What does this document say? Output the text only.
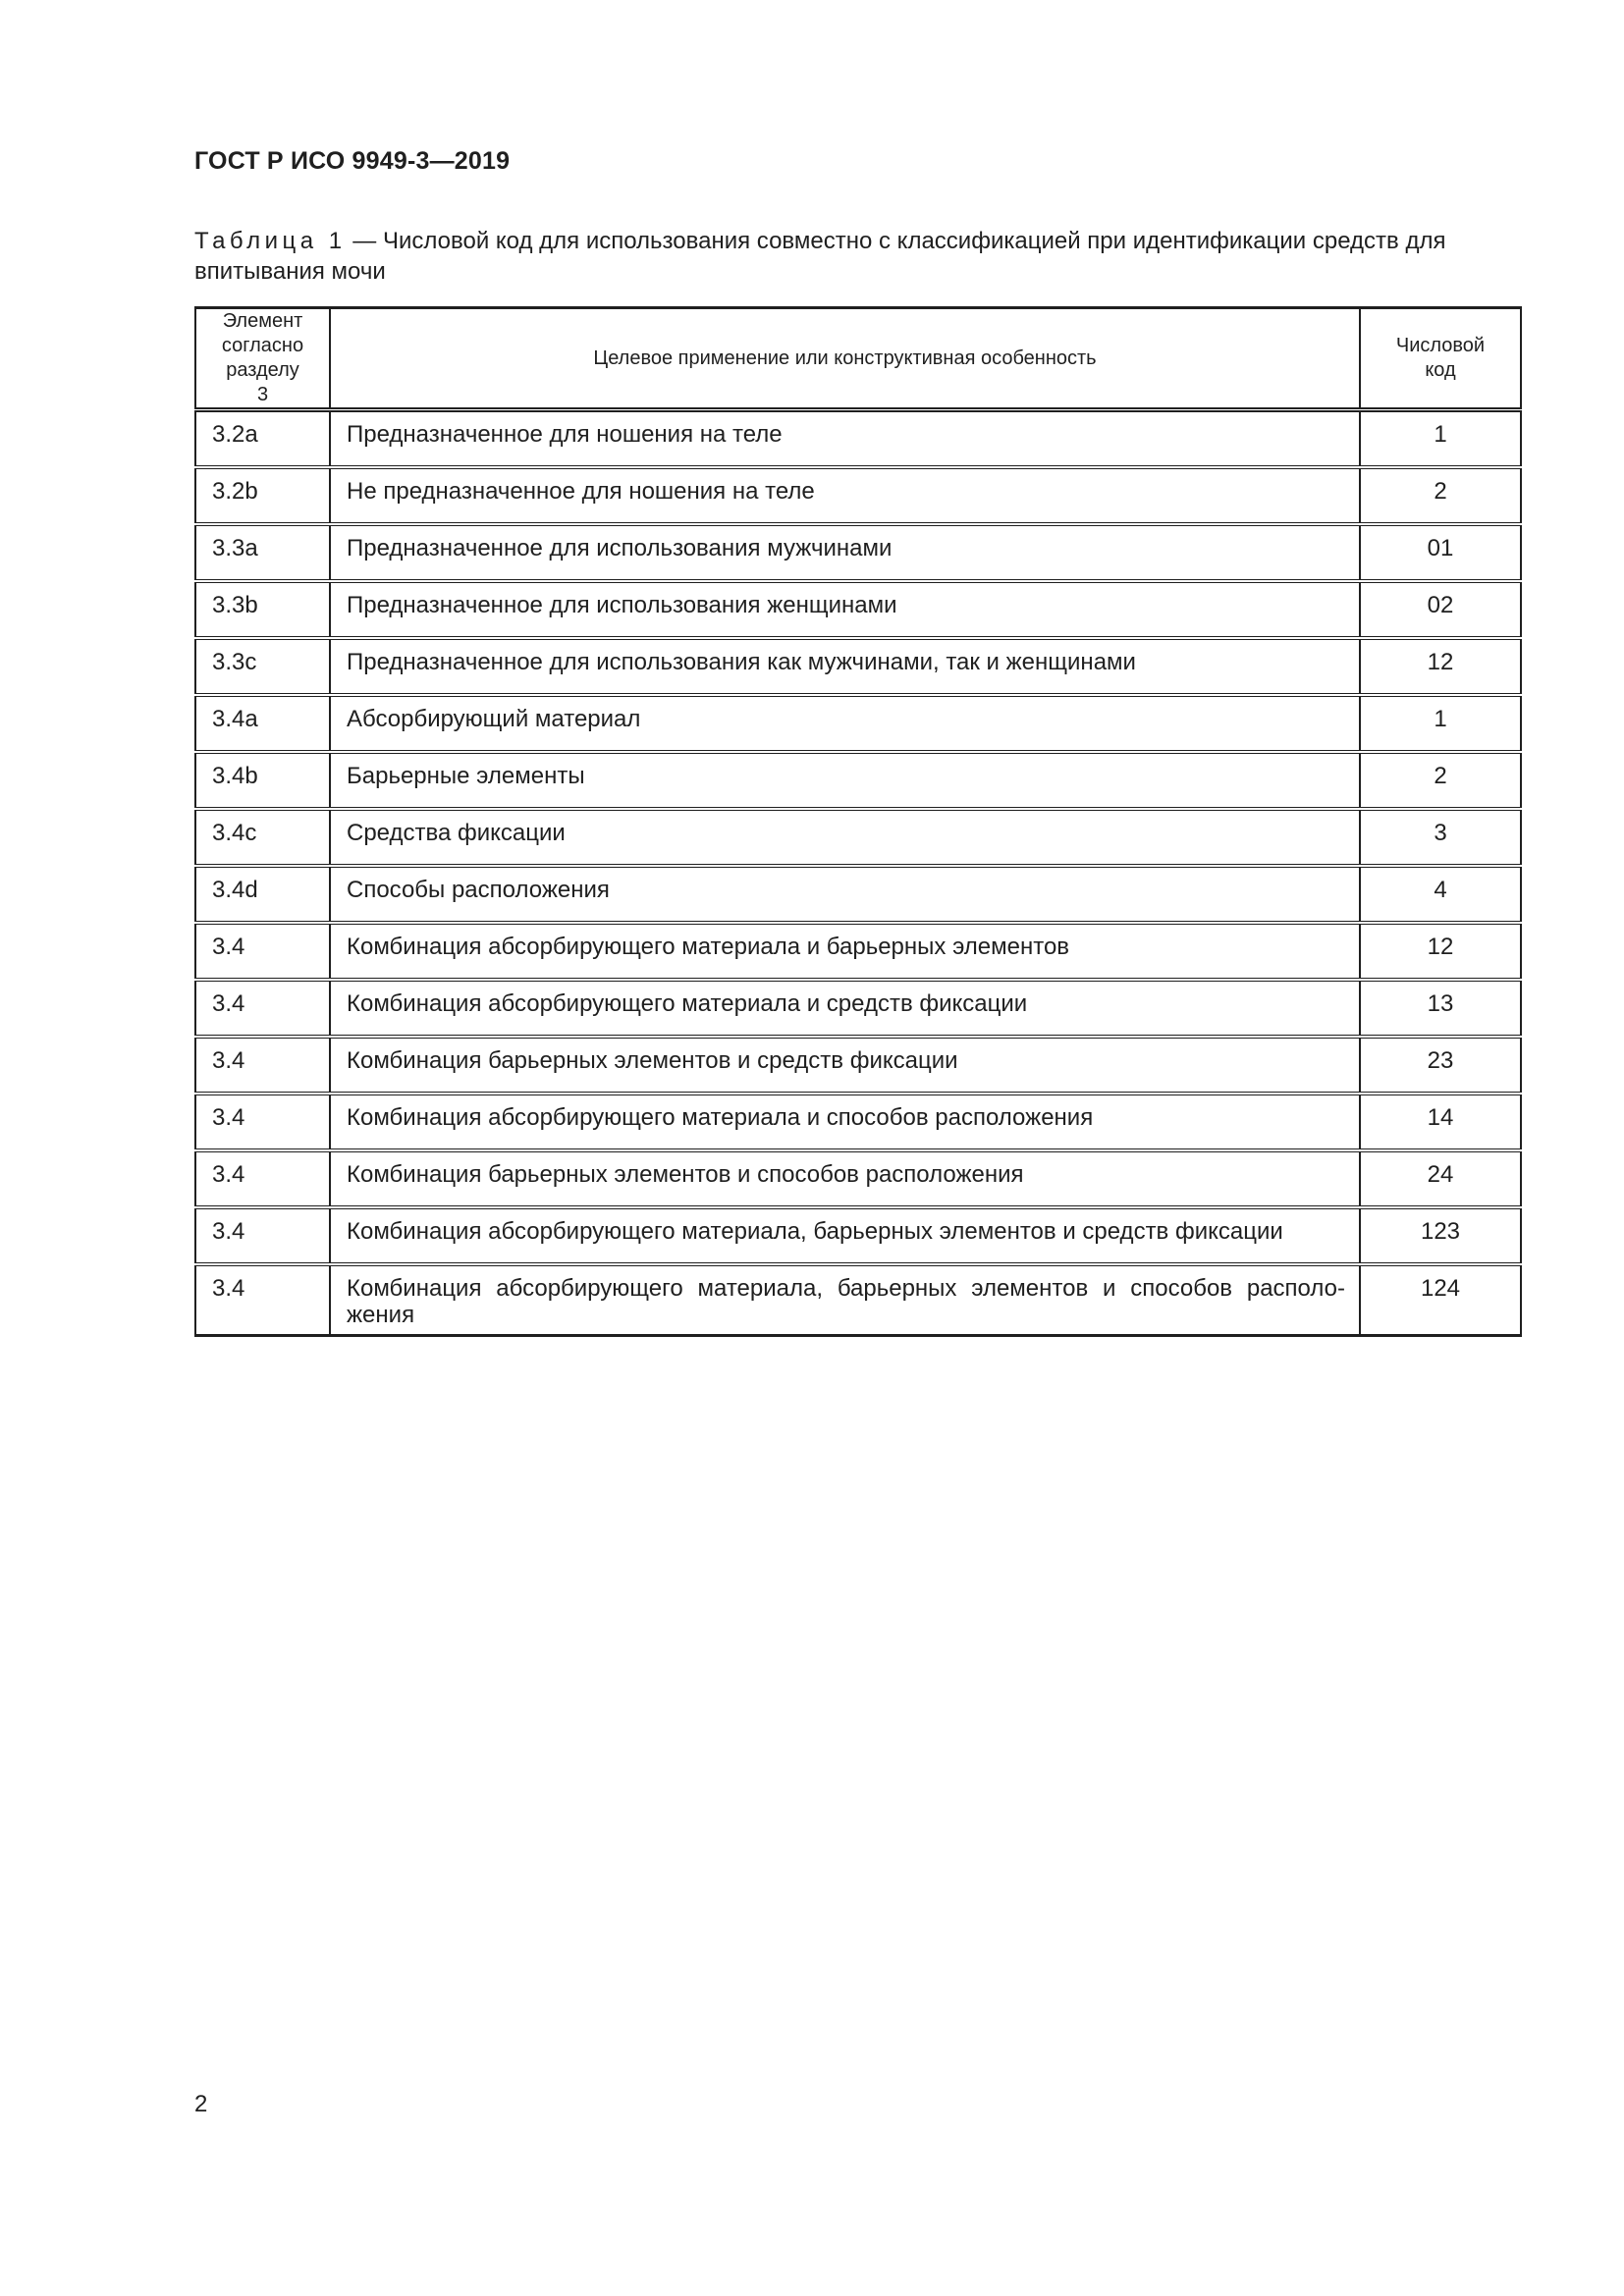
ГОСТ Р ИСО 9949-3—2019

Таблица 1 — Числовой код для использования совместно с классификацией при идентификации средств для впитывания мочи

Элемент согласно разделу 3	Целевое применение или конструктивная особенность	Числовой код

3.2a	Предназначенное для ношения на теле	1
3.2b	Не предназначенное для ношения на теле	2
3.3a	Предназначенное для использования мужчинами	01
3.3b	Предназначенное для использования женщинами	02
3.3c	Предназначенное для использования как мужчинами, так и женщинами	12
3.4a	Абсорбирующий материал	1
3.4b	Барьерные элементы	2
3.4c	Средства фиксации	3
3.4d	Способы расположения	4
3.4	Комбинация абсорбирующего материала и барьерных элементов	12
3.4	Комбинация абсорбирующего материала и средств фиксации	13
3.4	Комбинация барьерных элементов и средств фиксации	23
3.4	Комбинация абсорбирующего материала и способов расположения	14
3.4	Комбинация барьерных элементов и способов расположения	24
3.4	Комбинация абсорбирующего материала, барьерных элементов и средств фиксации	123
3.4	Комбинация абсорбирующего материала, барьерных элементов и способов располо-жения	124

2
